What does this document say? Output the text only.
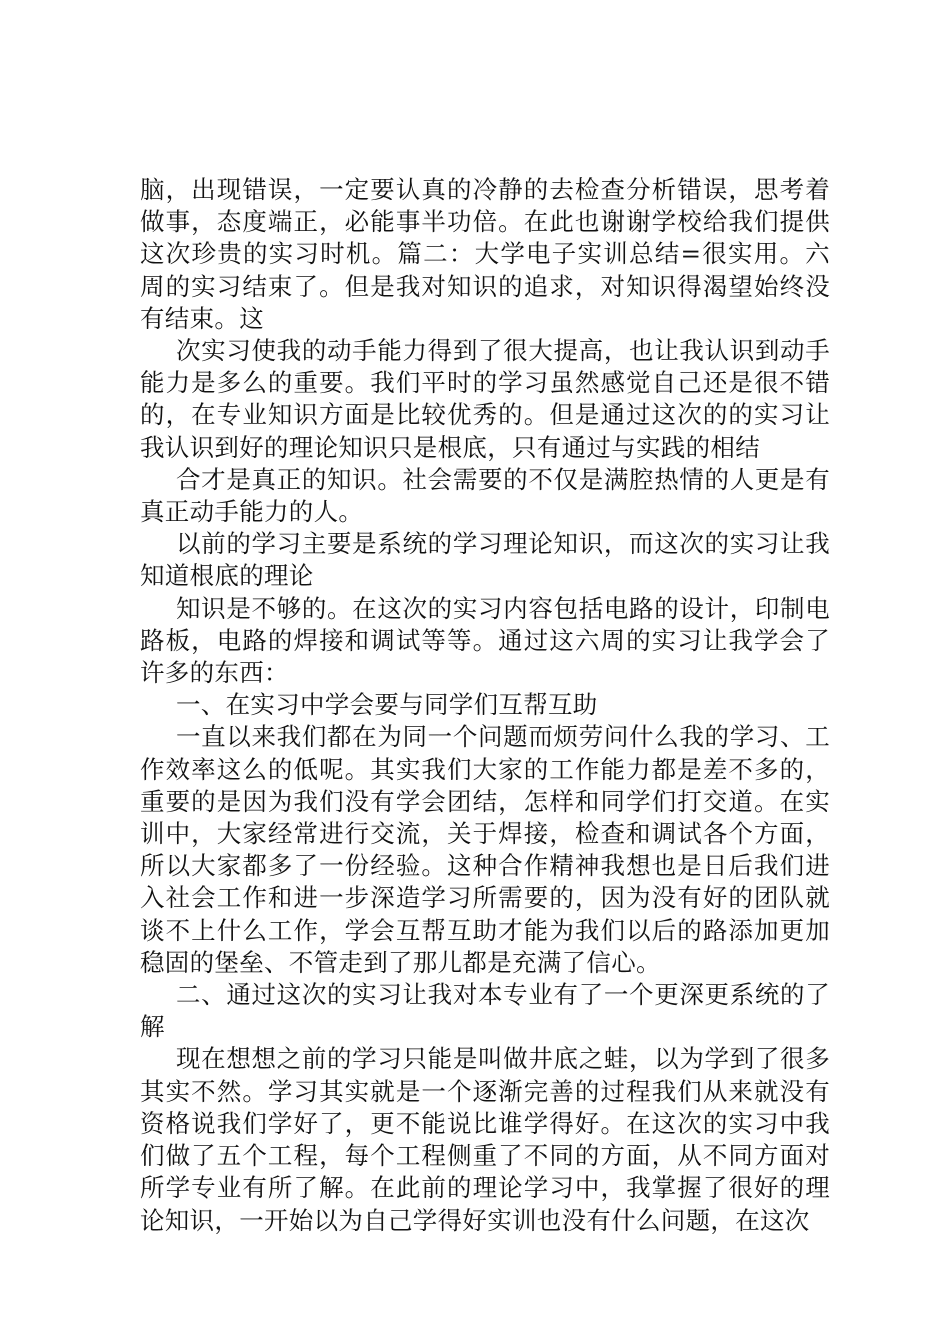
脑，出现错误，一定要认真的冷静的去检查分析错误，思考着做事，态度端正，必能事半功倍。在此也谢谢学校给我们提供这次珍贵的实习时机。篇二：大学电子实训总结=很实用。六周的实习结束了。但是我对知识的追求，对知识得渴望始终没有结束。这

次实习使我的动手能力得到了很大提高，也让我认识到动手能力是多么的重要。我们平时的学习虽然感觉自己还是很不错的，在专业知识方面是比较优秀的。但是通过这次的的实习让我认识到好的理论知识只是根底，只有通过与实践的相结

合才是真正的知识。社会需要的不仅是满腔热情的人更是有真正动手能力的人。

以前的学习主要是系统的学习理论知识，而这次的实习让我知道根底的理论

知识是不够的。在这次的实习内容包括电路的设计，印制电路板，电路的焊接和调试等等。通过这六周的实习让我学会了许多的东西：

一、在实习中学会要与同学们互帮互助

一直以来我们都在为同一个问题而烦劳问什么我的学习、工作效率这么的低呢。其实我们大家的工作能力都是差不多的，重要的是因为我们没有学会团结，怎样和同学们打交道。在实训中，大家经常进行交流，关于焊接，检查和调试各个方面，所以大家都多了一份经验。这种合作精神我想也是日后我们进入社会工作和进一步深造学习所需要的，因为没有好的团队就谈不上什么工作，学会互帮互助才能为我们以后的路添加更加稳固的堡垒、不管走到了那儿都是充满了信心。

二、通过这次的实习让我对本专业有了一个更深更系统的了解

现在想想之前的学习只能是叫做井底之蛙，以为学到了很多其实不然。学习其实就是一个逐渐完善的过程我们从来就没有资格说我们学好了，更不能说比谁学得好。在这次的实习中我们做了五个工程，每个工程侧重了不同的方面，从不同方面对所学专业有所了解。在此前的理论学习中，我掌握了很好的理论知识，一开始以为自己学得好实训也没有什么问题，在这次
